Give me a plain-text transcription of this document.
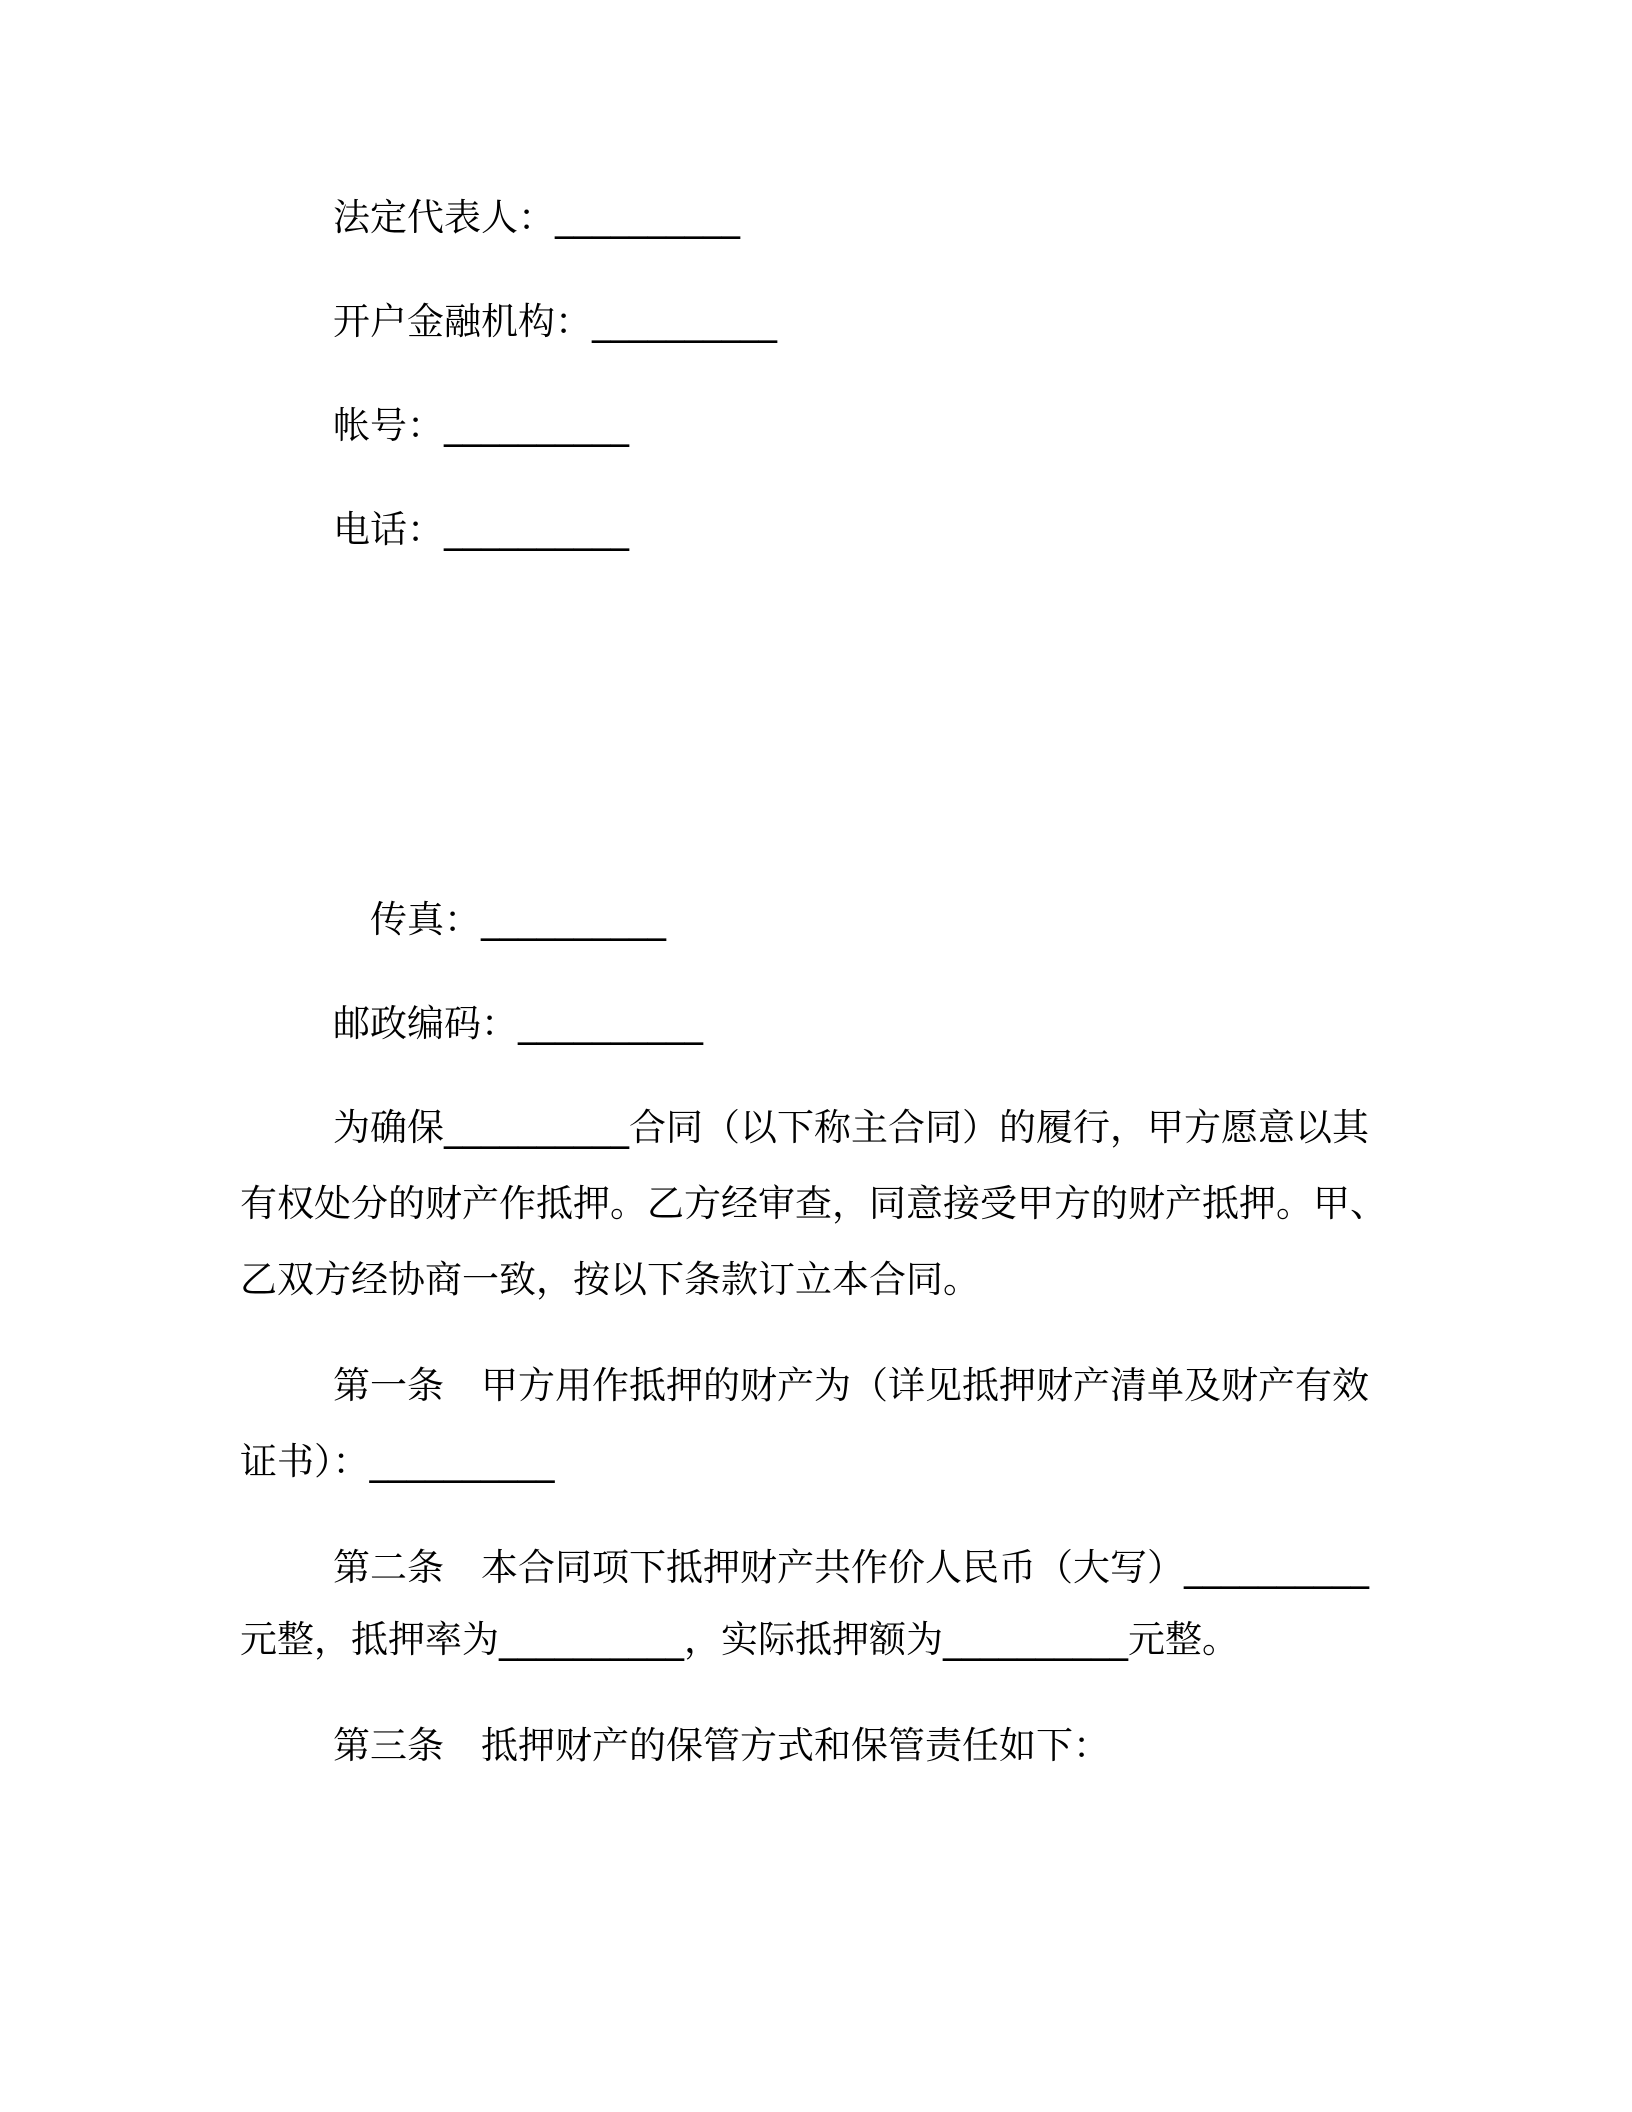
法定代表人：__________
开户金融机构：__________
帐号：__________
电话：__________
传真：__________
邮政编码：__________
为确保__________合同（以下称主合同）的履行，甲方愿意以其
有权处分的财产作抵押。乙方经审查，同意接受甲方的财产抵押。甲、
乙双方经协商一致，按以下条款订立本合同。
第一条　甲方用作抵押的财产为（详见抵押财产清单及财产有效
证书）：__________
第二条　本合同项下抵押财产共作价人民币（大写）__________
元整，抵押率为__________，实际抵押额为__________元整。
第三条　抵押财产的保管方式和保管责任如下：
